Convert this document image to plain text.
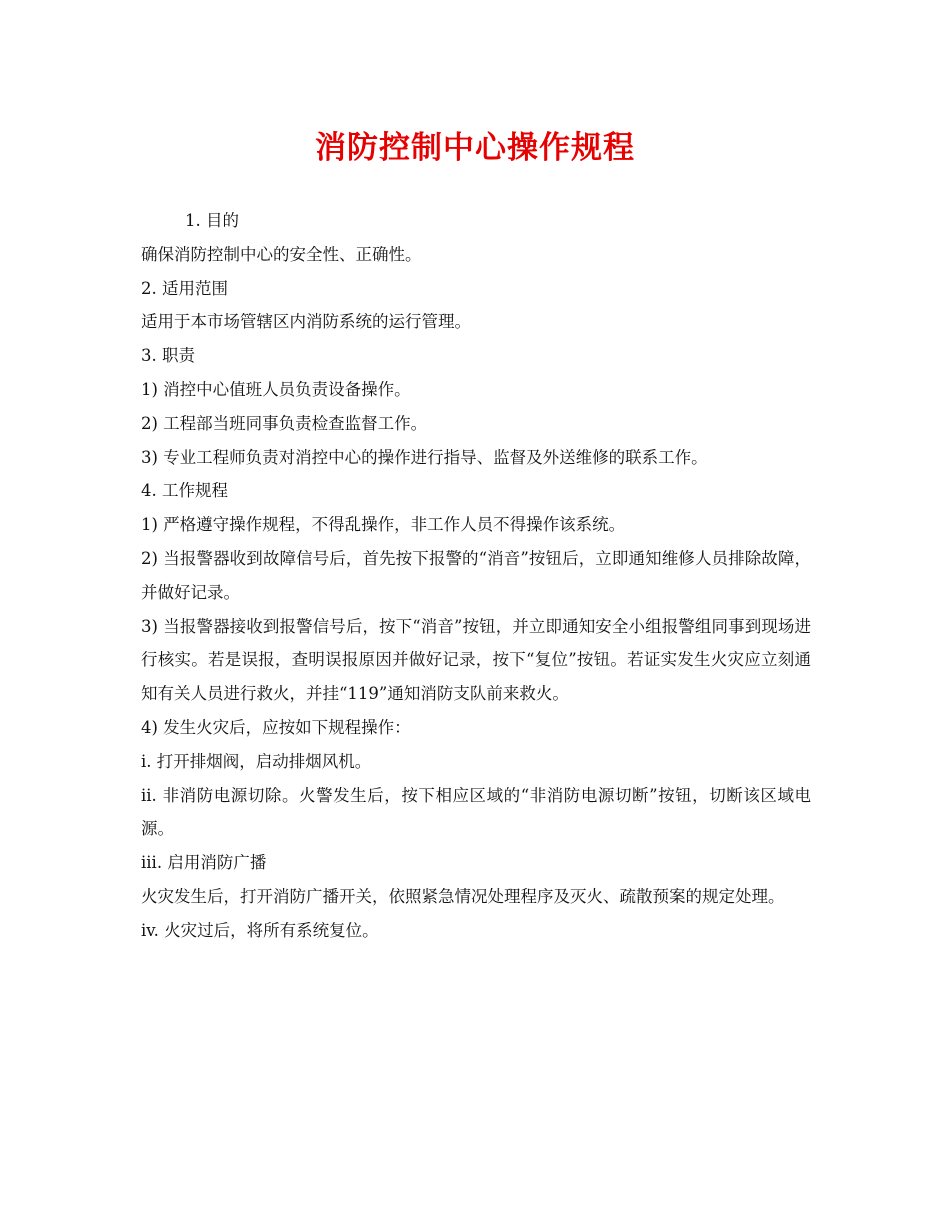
消防控制中心操作规程

1. 目的

确保消防控制中心的安全性、正确性。

2. 适用范围

适用于本市场管辖区内消防系统的运行管理。

3. 职责

1) 消控中心值班人员负责设备操作。

2) 工程部当班同事负责检查监督工作。

3) 专业工程师负责对消控中心的操作进行指导、监督及外送维修的联系工作。

4. 工作规程

1) 严格遵守操作规程，不得乱操作，非工作人员不得操作该系统。

2) 当报警器收到故障信号后，首先按下报警的“消音”按钮后，立即通知维修人员排除故障，并做好记录。

3) 当报警器接收到报警信号后，按下“消音”按钮，并立即通知安全小组报警组同事到现场进行核实。若是误报，查明误报原因并做好记录，按下“复位”按钮。若证实发生火灾应立刻通知有关人员进行救火，并挂“119”通知消防支队前来救火。

4) 发生火灾后，应按如下规程操作：

i. 打开排烟阀，启动排烟风机。

ii. 非消防电源切除。火警发生后，按下相应区域的“非消防电源切断”按钮，切断该区域电源。

iii. 启用消防广播

火灾发生后，打开消防广播开关，依照紧急情况处理程序及灭火、疏散预案的规定处理。

iv. 火灾过后，将所有系统复位。
